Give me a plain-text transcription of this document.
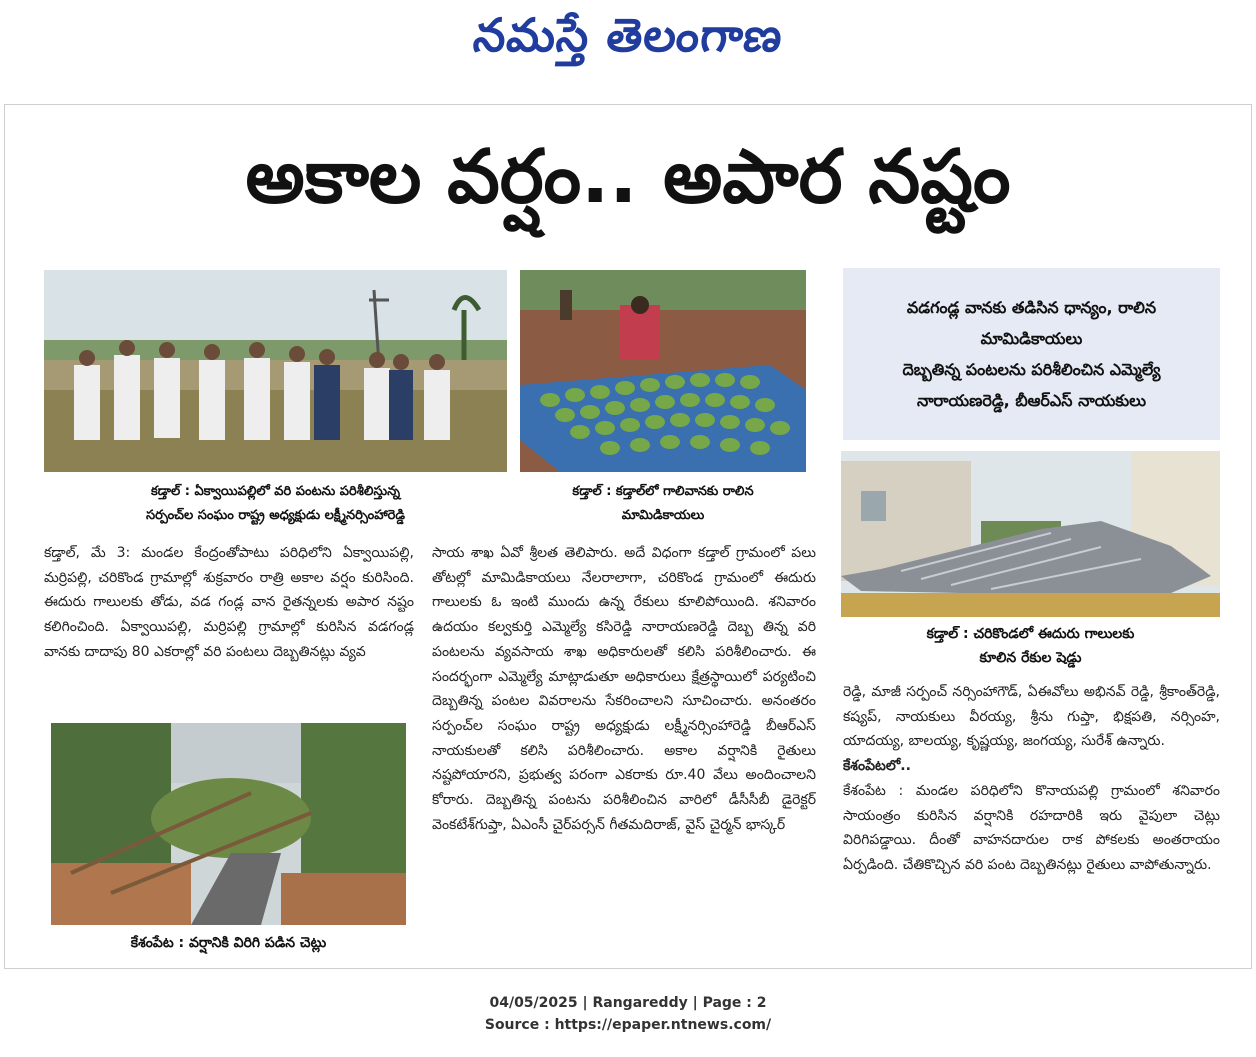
నమస్తే తెలంగాణ
అకాల వర్షం.. అపార నష్టం
కడ్తాల్ : ఏక్వాయిపల్లిలో వరి పంటను పరిశీలిస్తున్న
సర్పంచ్‌ల సంఘం రాష్ట్ర అధ్యక్షుడు లక్ష్మీనర్సింహారెడ్డి
కడ్తాల్ : కడ్తాల్‌లో గాలివానకు రాలిన
మామిడికాయలు
వడగండ్ల వానకు తడిసిన ధాన్యం, రాలిన
మామిడికాయలు
దెబ్బతిన్న పంటలను పరిశీలించిన ఎమ్మెల్యే
నారాయణరెడ్డి, బీఆర్‌ఎస్ నాయకులు
కడ్తాల్ : చరికొండలో ఈదురు గాలులకు
కూలిన రేకుల షెడ్డు
కేశంపేట : వర్షానికి విరిగి పడిన చెట్లు

కడ్తాల్, మే 3: మండల కేంద్రంతోపాటు పరిధిలోని ఏక్వాయిపల్లి, మర్రిపల్లి, చరికొండ గ్రామాల్లో శుక్రవారం రాత్రి అకాల వర్షం కురిసింది. ఈదురు గాలులకు తోడు, వడ గండ్ల వాన రైతన్నలకు అపార నష్టం కలిగించింది. ఏక్వాయిపల్లి, మర్రిపల్లి గ్రామాల్లో కురిసిన వడగండ్ల వానకు దాదాపు 80 ఎకరాల్లో వరి పంటలు దెబ్బతినట్లు వ్యవ

సాయ శాఖ ఏవో శ్రీలత తెలిపారు. అదే విధంగా కడ్తాల్ గ్రామంలో పలు తోటల్లో మామిడికాయలు నేలరాలాగా, చరికొండ గ్రామంలో ఈదురు గాలులకు ఓ ఇంటి ముందు ఉన్న రేకులు కూలిపోయింది. శనివారం ఉదయం కల్వకుర్తి ఎమ్మెల్యే కసిరెడ్డి నారాయణరెడ్డి దెబ్బ తిన్న వరి పంటలను వ్యవసాయ శాఖ అధికారులతో కలిసి పరిశీలించారు. ఈ సందర్భంగా ఎమ్మెల్యే మాట్లాడుతూ అధికారులు క్షేత్రస్థాయిలో పర్యటించి దెబ్బతిన్న పంటల వివరాలను సేకరించాలని సూచించారు. అనంతరం సర్పంచ్‌ల సంఘం రాష్ట్ర అధ్యక్షుడు లక్ష్మీనర్సింహారెడ్డి బీఆర్‌ఎస్ నాయకులతో కలిసి పరిశీలించారు. అకాల వర్షానికి రైతులు నష్టపోయారని, ప్రభుత్వ పరంగా ఎకరాకు రూ.40 వేలు అందించాలని కోరారు. దెబ్బతిన్న పంటను పరిశీలించిన వారిలో డీసీసీబీ డైరెక్టర్ వెంకటేశ్‌గుప్తా, ఏఎంసీ చైర్‌పర్సన్ గీతమదిరాజ్, వైస్ చైర్మన్ భాస్కర్

రెడ్డి, మాజీ సర్పంచ్ నర్సింహాగౌడ్, ఏఈవోలు అభినవ్ రెడ్డి, శ్రీకాంత్‌రెడ్డి, కష్యప్, నాయకులు వీరయ్య, శ్రీను గుప్తా, భిక్షపతి, నర్సింహ, యాదయ్య, బాలయ్య, కృష్ణయ్య, జంగయ్య, సురేశ్ ఉన్నారు.

కేశంపేటలో..

కేశంపేట : మండల పరిధిలోని కొనాయపల్లి గ్రామంలో శనివారం సాయంత్రం కురిసిన వర్షానికి రహదారికి ఇరు వైపులా చెట్లు విరిగిపడ్డాయి. దీంతో వాహనదారుల రాక పోకలకు అంతరాయం ఏర్పడింది. చేతికొచ్చిన వరి పంట దెబ్బతినట్లు రైతులు వాపోతున్నారు.

04/05/2025 | Rangareddy | Page : 2
Source : https://epaper.ntnews.com/
